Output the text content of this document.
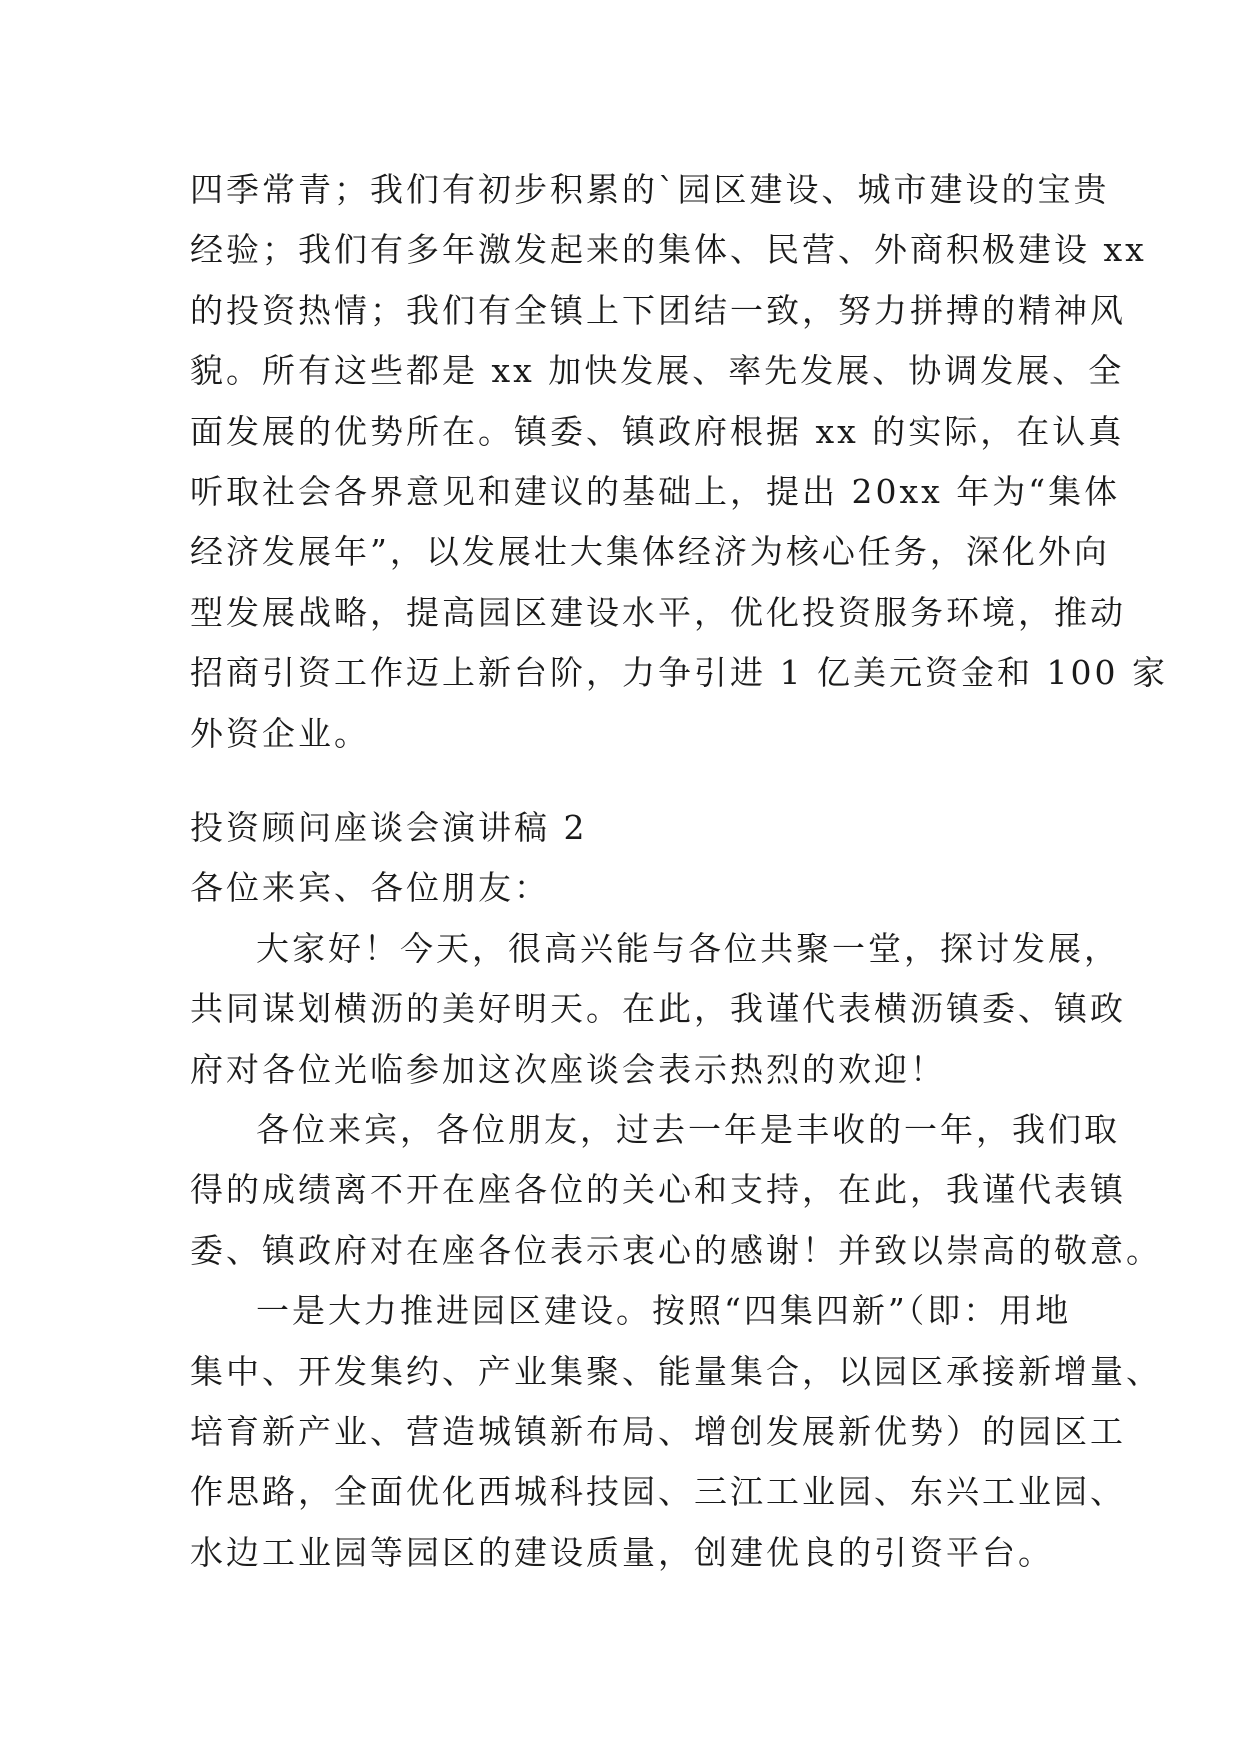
四季常青；我们有初步积累的`园区建设、城市建设的宝贵
经验；我们有多年激发起来的集体、民营、外商积极建设 xx
的投资热情；我们有全镇上下团结一致，努力拼搏的精神风
貌。所有这些都是 xx 加快发展、率先发展、协调发展、全
面发展的优势所在。镇委、镇政府根据 xx 的实际，在认真
听取社会各界意见和建议的基础上，提出 20xx 年为“集体
经济发展年”，以发展壮大集体经济为核心任务，深化外向
型发展战略，提高园区建设水平，优化投资服务环境，推动
招商引资工作迈上新台阶，力争引进 1 亿美元资金和 100 家
外资企业。
投资顾问座谈会演讲稿 2
各位来宾、各位朋友：
大家好！今天，很高兴能与各位共聚一堂，探讨发展，
共同谋划横沥的美好明天。在此，我谨代表横沥镇委、镇政
府对各位光临参加这次座谈会表示热烈的欢迎！
各位来宾，各位朋友，过去一年是丰收的一年，我们取
得的成绩离不开在座各位的关心和支持，在此，我谨代表镇
委、镇政府对在座各位表示衷心的感谢！并致以崇高的敬意。
一是大力推进园区建设。按照“四集四新”（即：用地
集中、开发集约、产业集聚、能量集合，以园区承接新增量、
培育新产业、营造城镇新布局、增创发展新优势）的园区工
作思路，全面优化西城科技园、三江工业园、东兴工业园、
水边工业园等园区的建设质量，创建优良的引资平台。
